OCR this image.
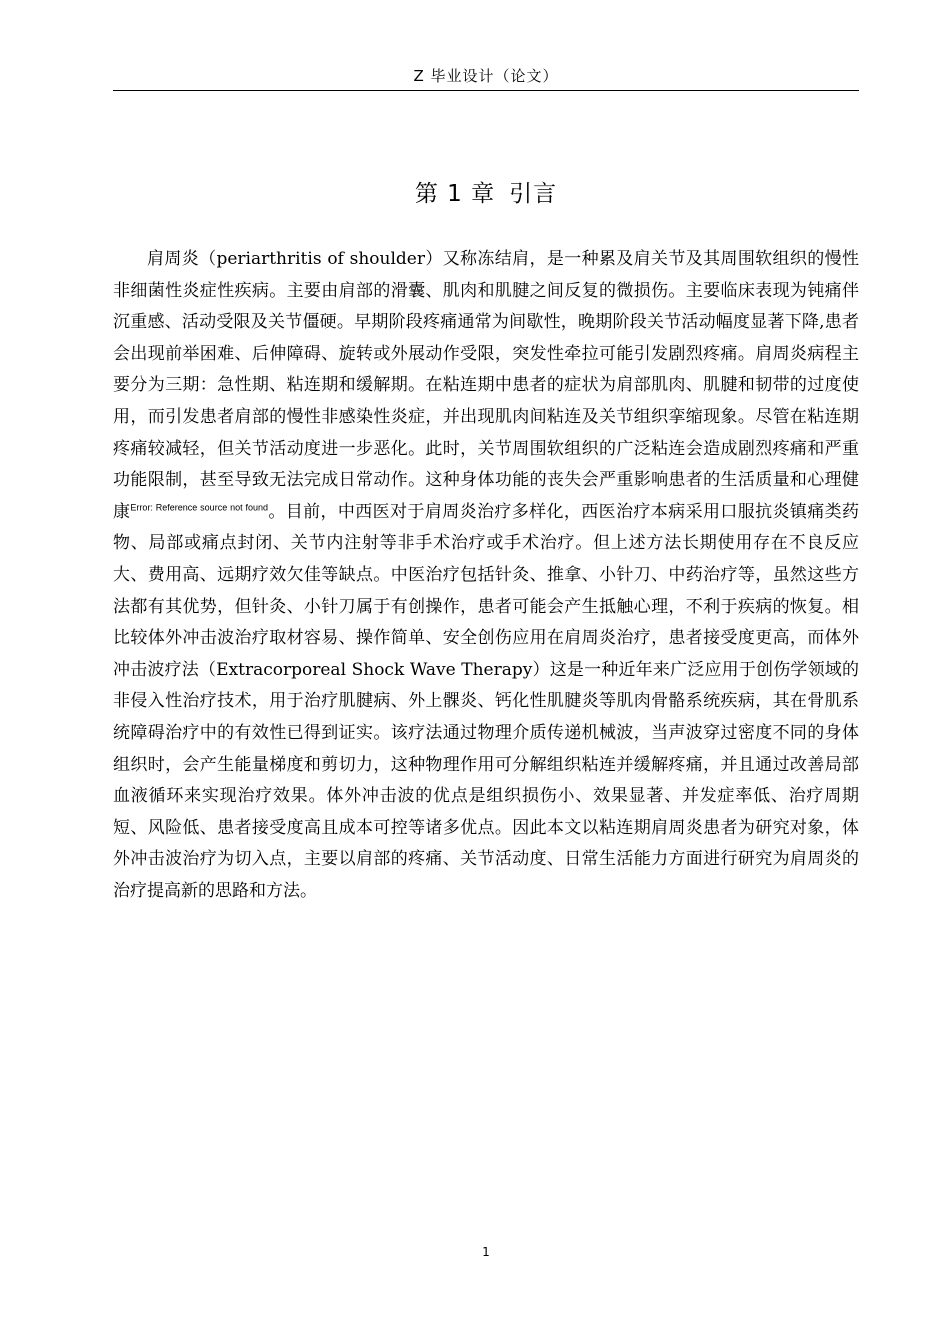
Z 毕业设计（论文）
第 1 章 引言

肩周炎（periarthritis of shoulder）又称冻结肩，是一种累及肩关节及其周围软组织的慢性非细菌性炎症性疾病。主要由肩部的滑囊、肌肉和肌腱之间反复的微损伤。主要临床表现为钝痛伴沉重感、活动受限及关节僵硬。早期阶段疼痛通常为间歇性，晚期阶段关节活动幅度显著下降,患者会出现前举困难、后伸障碍、旋转或外展动作受限，突发性牵拉可能引发剧烈疼痛。肩周炎病程主要分为三期：急性期、粘连期和缓解期。在粘连期中患者的症状为肩部肌肉、肌腱和韧带的过度使用，而引发患者肩部的慢性非感染性炎症，并出现肌肉间粘连及关节组织挛缩现象。尽管在粘连期疼痛较减轻，但关节活动度进一步恶化。此时，关节周围软组织的广泛粘连会造成剧烈疼痛和严重功能限制，甚至导致无法完成日常动作。这种身体功能的丧失会严重影响患者的生活质量和心理健康$^{Error: Reference source not found}$。目前，中西医对于肩周炎治疗多样化，西医治疗本病采用口服抗炎镇痛类药物、局部或痛点封闭、关节内注射等非手术治疗或手术治疗。但上述方法长期使用存在不良反应大、费用高、远期疗效欠佳等缺点。中医治疗包括针灸、推拿、小针刀、中药治疗等，虽然这些方法都有其优势，但针灸、小针刀属于有创操作，患者可能会产生抵触心理，不利于疾病的恢复。相比较体外冲击波治疗取材容易、操作简单、安全创伤应用在肩周炎治疗，患者接受度更高，而体外冲击波疗法（Extracorporeal Shock Wave Therapy）这是一种近年来广泛应用于创伤学领域的非侵入性治疗技术，用于治疗肌腱病、外上髁炎、钙化性肌腱炎等肌肉骨骼系统疾病，其在骨肌系统障碍治疗中的有效性已得到证实。该疗法通过物理介质传递机械波，当声波穿过密度不同的身体组织时，会产生能量梯度和剪切力，这种物理作用可分解组织粘连并缓解疼痛，并且通过改善局部血液循环来实现治疗效果。体外冲击波的优点是组织损伤小、效果显著、并发症率低、治疗周期短、风险低、患者接受度高且成本可控等诸多优点。因此本文以粘连期肩周炎患者为研究对象，体外冲击波治疗为切入点，主要以肩部的疼痛、关节活动度、日常生活能力方面进行研究为肩周炎的治疗提高新的思路和方法。

1
